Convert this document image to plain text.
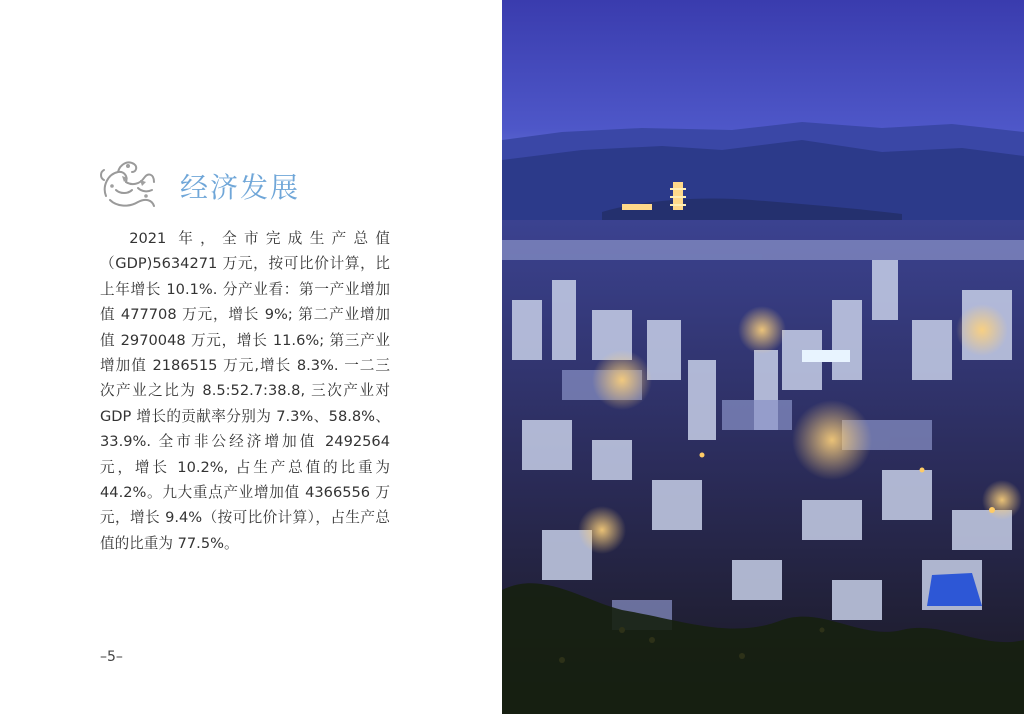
经济发展
2021 年，全市完成生产总值（GDP)5634271 万元，按可比价计算，比上年增长 10.1%. 分产业看：第一产业增加值 477708 万元，增长 9%; 第二产业增加值 2970048 万元，增长 11.6%; 第三产业增加值 2186515 万元,增长 8.3%. 一二三次产业之比为 8.5:52.7:38.8, 三次产业对 GDP 增长的贡献率分别为 7.3%、58.8%、33.9%. 全市非公经济增加值 2492564 元，增长 10.2%, 占生产总值的比重为 44.2%。九大重点产业增加值 4366556 万元，增长 9.4%（按可比价计算），占生产总值的比重为 77.5%。
–5–
